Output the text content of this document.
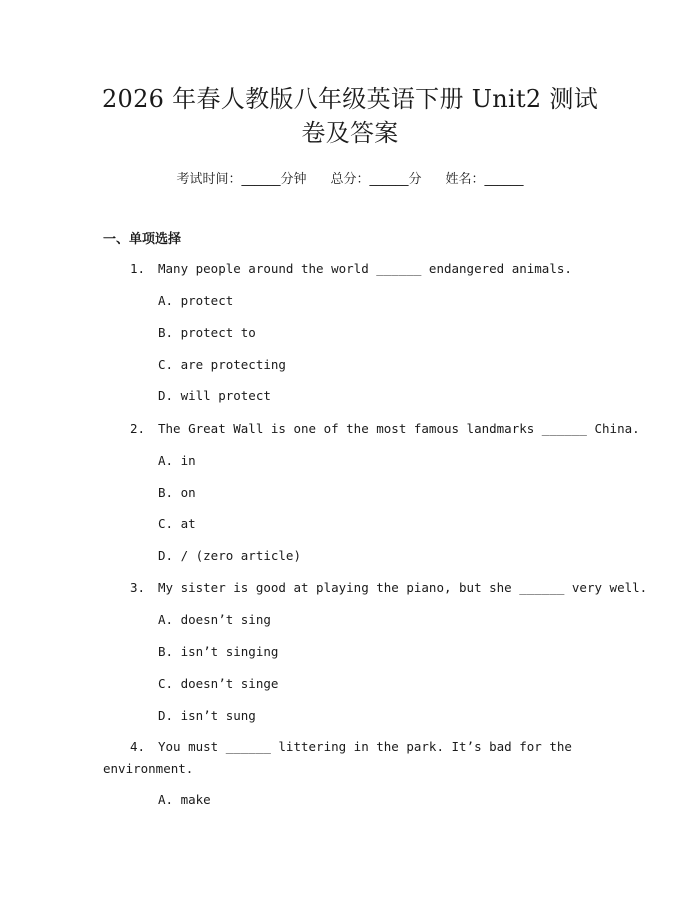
2026 年春人教版八年级英语下册 Unit2 测试
卷及答案
考试时间：______分钟 总分：______分 姓名：______
一、单项选择
1. Many people around the world ______ endangered animals.
A. protect
B. protect to
C. are protecting
D. will protect
2. The Great Wall is one of the most famous landmarks ______ China.
A. in
B. on
C. at
D. / (zero article)
3. My sister is good at playing the piano, but she ______ very well.
A. doesn’t sing
B. isn’t singing
C. doesn’t singe
D. isn’t sung
4. You must ______ littering in the park. It’s bad for the
environment.
A. make
